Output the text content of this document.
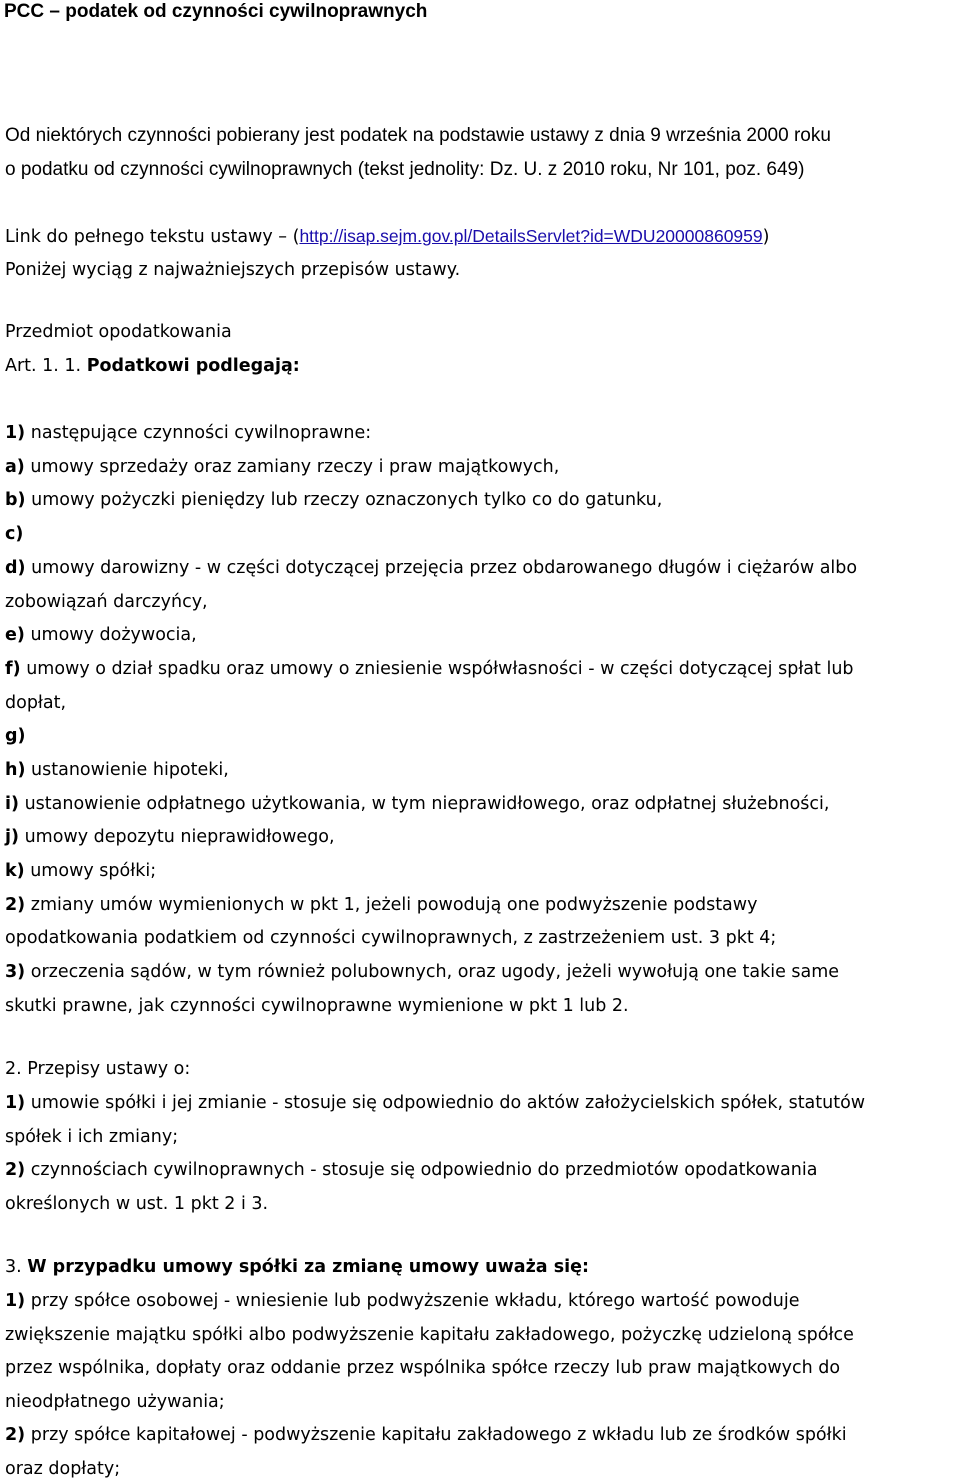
PCC – podatek od czynności cywilnoprawnych
Od niektórych czynności pobierany jest podatek na podstawie ustawy z dnia 9 września 2000 roku
o podatku od czynności cywilnoprawnych (tekst jednolity: Dz. U. z 2010 roku, Nr 101, poz. 649)
Link do pełnego tekstu ustawy – (http://isap.sejm.gov.pl/DetailsServlet?id=WDU20000860959)
Poniżej wyciąg z najważniejszych przepisów ustawy.
Przedmiot opodatkowania
Art. 1. 1. Podatkowi podlegają:
1) następujące czynności cywilnoprawne:
a) umowy sprzedaży oraz zamiany rzeczy i praw majątkowych,
b) umowy pożyczki pieniędzy lub rzeczy oznaczonych tylko co do gatunku,
c)
d) umowy darowizny - w części dotyczącej przejęcia przez obdarowanego długów i ciężarów albo
zobowiązań darczyńcy,
e) umowy dożywocia,
f) umowy o dział spadku oraz umowy o zniesienie współwłasności - w części dotyczącej spłat lub
dopłat,
g)
h) ustanowienie hipoteki,
i) ustanowienie odpłatnego użytkowania, w tym nieprawidłowego, oraz odpłatnej służebności,
j) umowy depozytu nieprawidłowego,
k) umowy spółki;
2) zmiany umów wymienionych w pkt 1, jeżeli powodują one podwyższenie podstawy
opodatkowania podatkiem od czynności cywilnoprawnych, z zastrzeżeniem ust. 3 pkt 4;
3) orzeczenia sądów, w tym również polubownych, oraz ugody, jeżeli wywołują one takie same
skutki prawne, jak czynności cywilnoprawne wymienione w pkt 1 lub 2.
2. Przepisy ustawy o:
1) umowie spółki i jej zmianie - stosuje się odpowiednio do aktów założycielskich spółek, statutów
spółek i ich zmiany;
2) czynnościach cywilnoprawnych - stosuje się odpowiednio do przedmiotów opodatkowania
określonych w ust. 1 pkt 2 i 3.
3. W przypadku umowy spółki za zmianę umowy uważa się:
1) przy spółce osobowej - wniesienie lub podwyższenie wkładu, którego wartość powoduje
zwiększenie majątku spółki albo podwyższenie kapitału zakładowego, pożyczkę udzieloną spółce
przez wspólnika, dopłaty oraz oddanie przez wspólnika spółce rzeczy lub praw majątkowych do
nieodpłatnego używania;
2) przy spółce kapitałowej - podwyższenie kapitału zakładowego z wkładu lub ze środków spółki
oraz dopłaty;
